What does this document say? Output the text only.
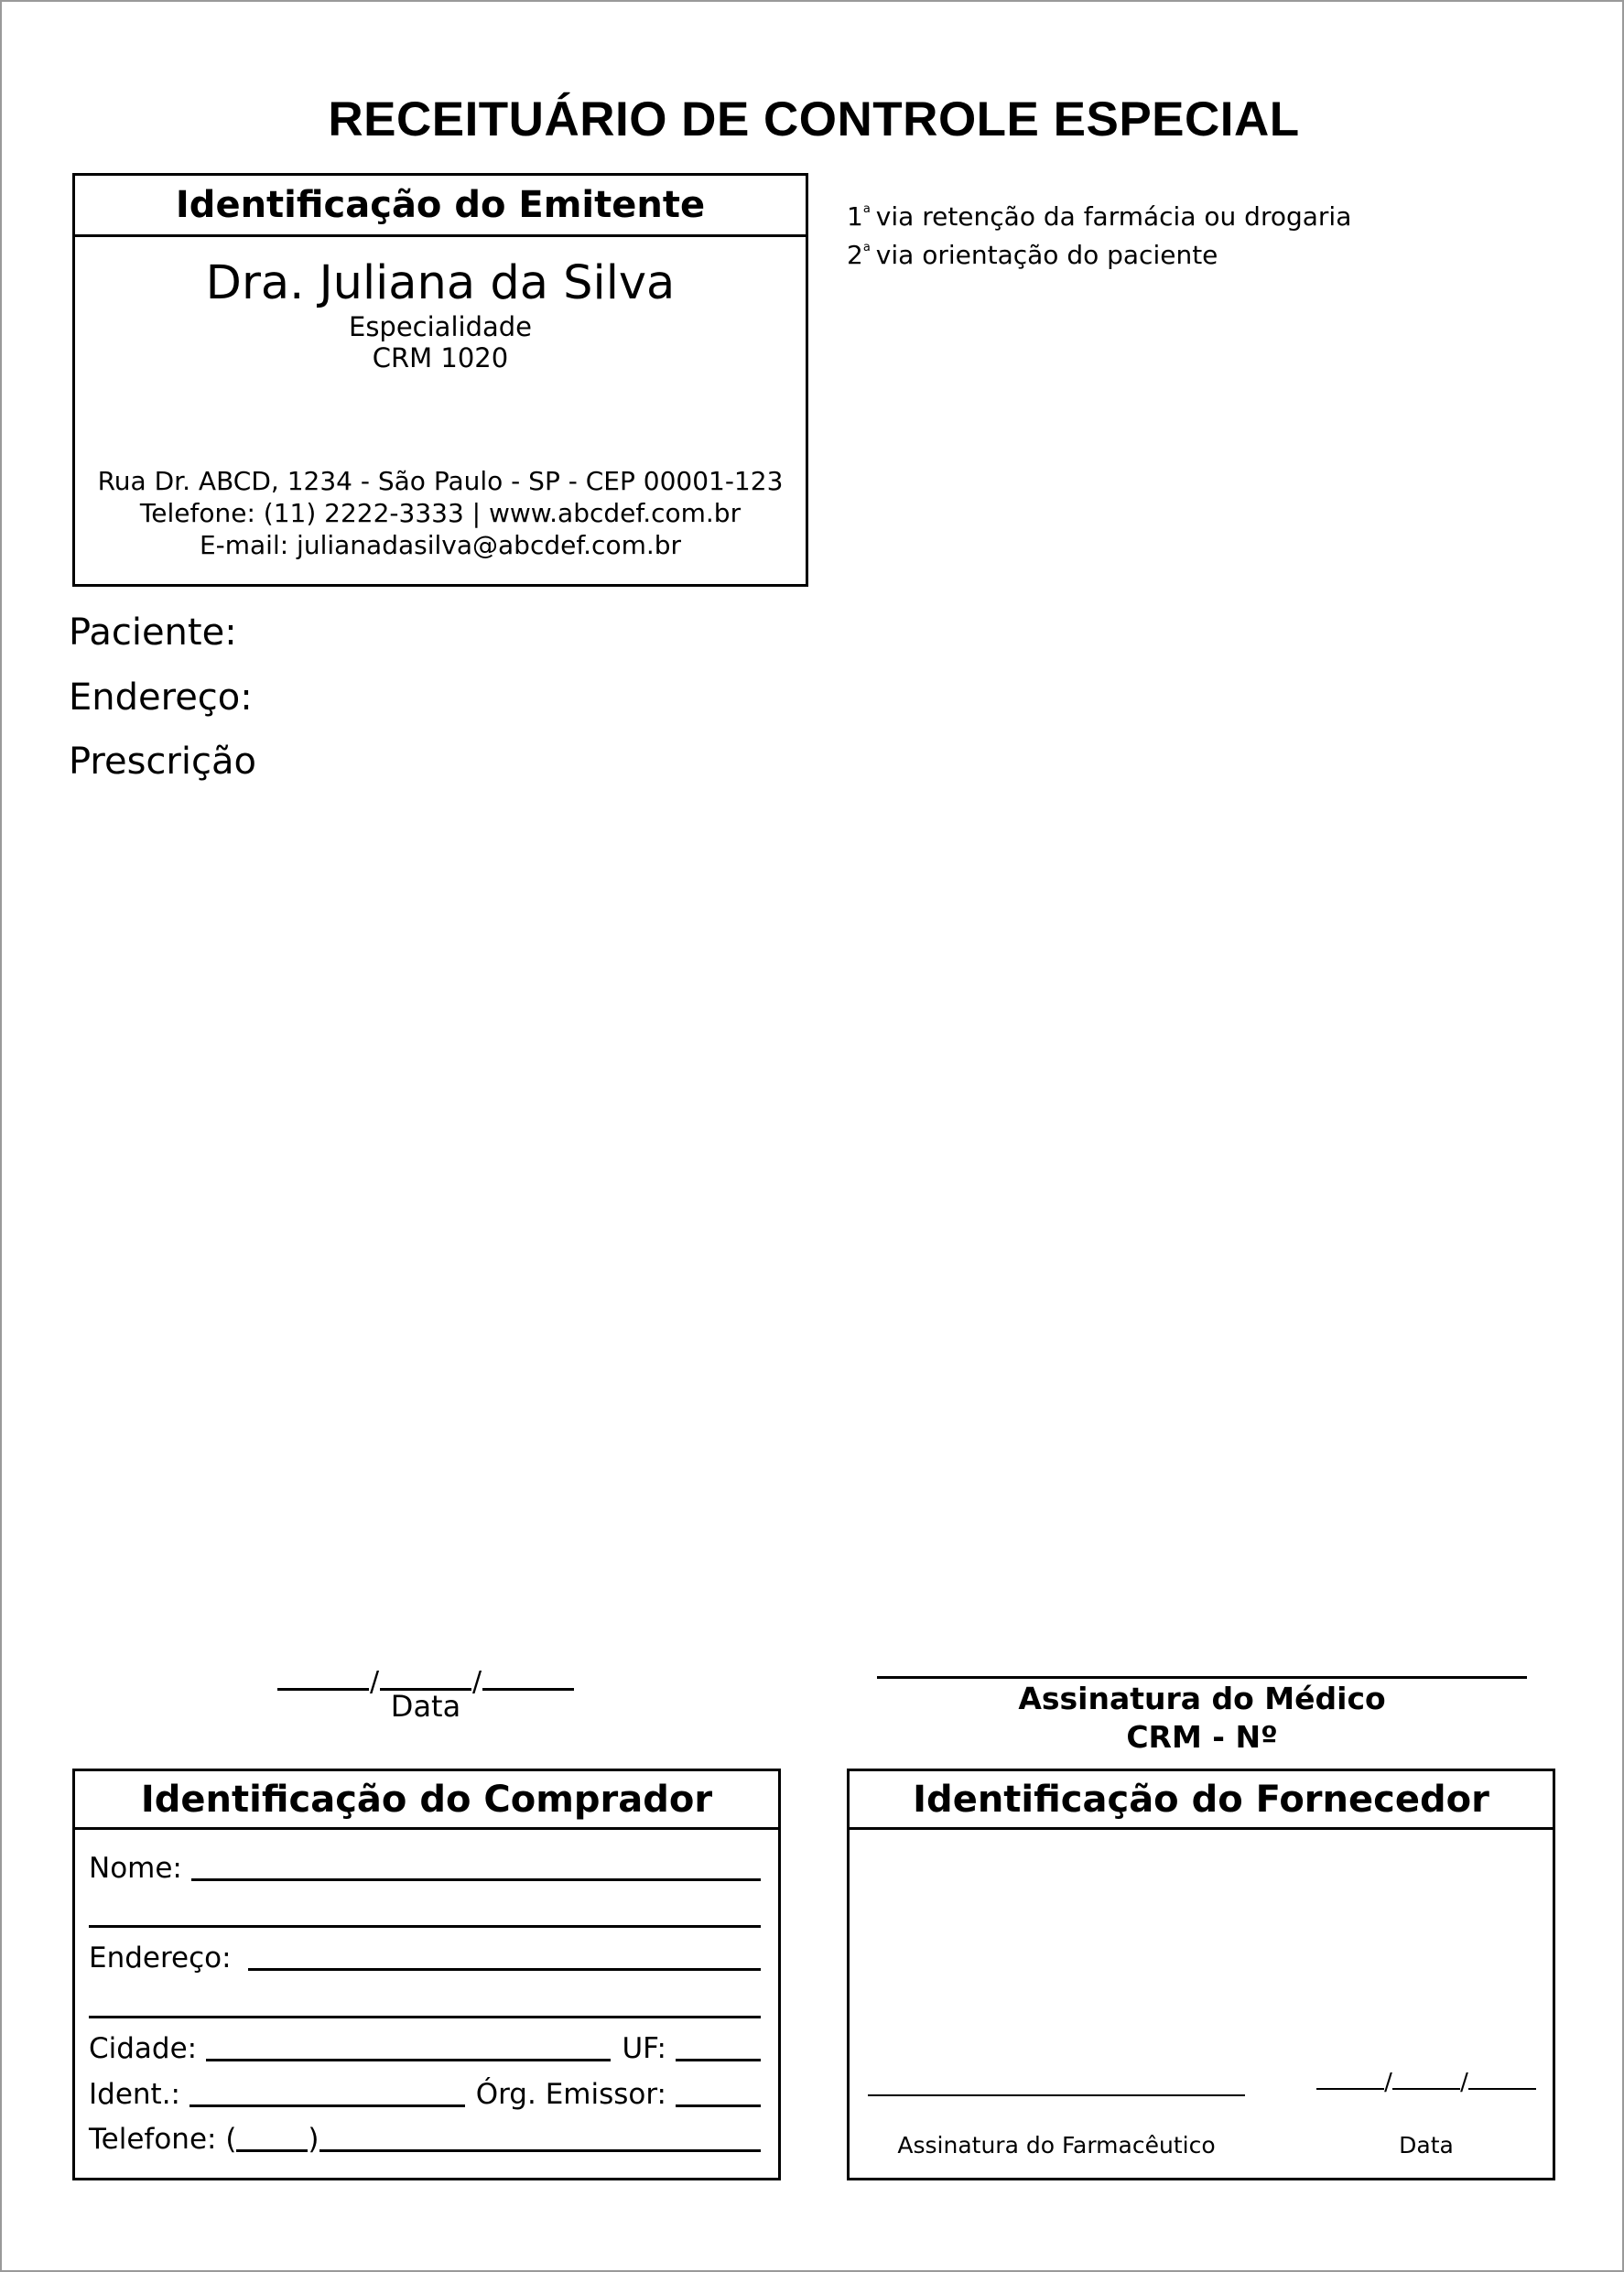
RECEITUÁRIO DE CONTROLE ESPECIAL
Identificação do Emitente
Dra. Juliana da Silva
Especialidade
CRM 1020
Rua Dr. ABCD, 1234 - São Paulo - SP - CEP 00001-123
Telefone: (11) 2222-3333 | www.abcdef.com.br
E-mail: julianadasilva@abcdef.com.br
1$^a$ via retenção da farmácia ou drogaria
2$^a$ via orientação do paciente
Paciente:
Endereço:
Prescrição
/	/
Data	Assinatura do Médico
CRM - Nº
Identificação do Comprador
Nome:
Endereço:
Cidade:	UF:
Ident.:	Órg. Emissor:
Telefone: (	)
Identificação do Fornecedor
Assinatura do Farmacêutico
/	/
Data
